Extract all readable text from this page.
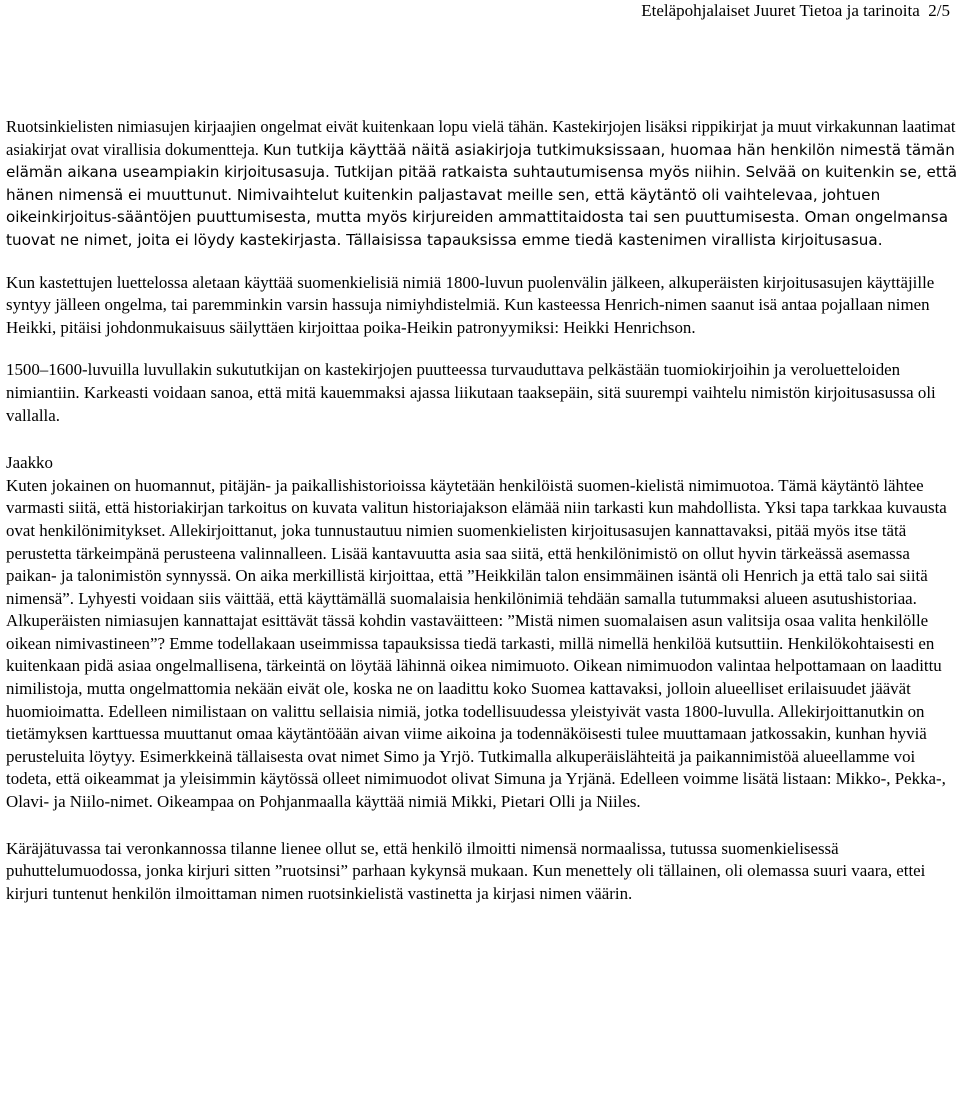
Eteläpohjalaiset Juuret Tietoa ja tarinoita 2/5

Ruotsinkielisten nimiasujen kirjaajien ongelmat eivät kuitenkaan lopu vielä tähän. Kastekirjojen lisäksi rippikirjat ja muut virkakunnan laatimat asiakirjat ovat virallisia dokumentteja. Kun tutkija käyttää näitä asiakirjoja tutkimuksissaan, huomaa hän henkilön nimestä tämän elämän aikana useampiakin kirjoitusasuja. Tutkijan pitää ratkaista suhtautumisensa myös niihin. Selvää on kuitenkin se, että hänen nimensä ei muuttunut. Nimivaihtelut kuitenkin paljastavat meille sen, että käytäntö oli vaihtelevaa, johtuen oikeinkirjoitus-sääntöjen puuttumisesta, mutta myös kirjureiden ammattitaidosta tai sen puuttumisesta. Oman ongelmansa tuovat ne nimet, joita ei löydy kastekirjasta. Tällaisissa tapauksissa emme tiedä kastenimen virallista kirjoitusasua.

Kun kastettujen luettelossa aletaan käyttää suomenkielisiä nimiä 1800-luvun puolenvälin jälkeen, alkuperäisten kirjoitusasujen käyttäjille syntyy jälleen ongelma, tai paremminkin varsin hassuja nimiyhdistelmiä. Kun kasteessa Henrich-nimen saanut isä antaa pojallaan nimen Heikki, pitäisi johdonmukaisuus säilyttäen kirjoittaa poika-Heikin patronyymiksi: Heikki Henrichson.

1500–1600-luvuilla luvullakin sukututkijan on kastekirjojen puutteessa turvauduttava pelkästään tuomiokirjoihin ja veroluetteloiden nimiantiin. Karkeasti voidaan sanoa, että mitä kauemmaksi ajassa liikutaan taaksepäin, sitä suurempi vaihtelu nimistön kirjoitusasussa oli vallalla.

Jaakko
Kuten jokainen on huomannut, pitäjän- ja paikallishistorioissa käytetään henkilöistä suomen-kielistä nimimuotoa. Tämä käytäntö lähtee varmasti siitä, että historiakirjan tarkoitus on kuvata valitun historiajakson elämää niin tarkasti kun mahdollista. Yksi tapa tarkkaa kuvausta ovat henkilönimitykset. Allekirjoittanut, joka tunnustautuu nimien suomenkielisten kirjoitusasujen kannattavaksi, pitää myös itse tätä perustetta tärkeimpänä perusteena valinnalleen. Lisää kantavuutta asia saa siitä, että henkilönimistö on ollut hyvin tärkeässä asemassa paikan- ja talonimistön synnyssä. On aika merkillistä kirjoittaa, että ”Heikkilän talon ensimmäinen isäntä oli Henrich ja että talo sai siitä nimensä”. Lyhyesti voidaan siis väittää, että käyttämällä suomalaisia henkilönimiä tehdään samalla tutummaksi alueen asutushistoriaa. Alkuperäisten nimiasujen kannattajat esittävät tässä kohdin vastaväitteen: ”Mistä nimen suomalaisen asun valitsija osaa valita henkilölle oikean nimivastineen”? Emme todellakaan useimmissa tapauksissa tiedä tarkasti, millä nimellä henkilöä kutsuttiin. Henkilökohtaisesti en kuitenkaan pidä asiaa ongelmallisena, tärkeintä on löytää lähinnä oikea nimimuoto. Oikean nimimuodon valintaa helpottamaan on laadittu nimilistoja, mutta ongelmattomia nekään eivät ole, koska ne on laadittu koko Suomea kattavaksi, jolloin alueelliset erilaisuudet jäävät huomioimatta. Edelleen nimilistaan on valittu sellaisia nimiä, jotka todellisuudessa yleistyivät vasta 1800-luvulla. Allekirjoittanutkin on tietämyksen karttuessa muuttanut omaa käytäntöään aivan viime aikoina ja todennäköisesti tulee muuttamaan jatkossakin, kunhan hyviä perusteluita löytyy. Esimerkkeinä tällaisesta ovat nimet Simo ja Yrjö. Tutkimalla alkuperäislähteitä ja paikannimistöä alueellamme voi todeta, että oikeammat ja yleisimmin käytössä olleet nimimuodot olivat Simuna ja Yrjänä. Edelleen voimme lisätä listaan: Mikko-, Pekka-, Olavi- ja Niilo-nimet. Oikeampaa on Pohjanmaalla käyttää nimiä Mikki, Pietari Olli ja Niiles.

Käräjätuvassa tai veronkannossa tilanne lienee ollut se, että henkilö ilmoitti nimensä normaalissa, tutussa suomenkielisessä puhuttelumuodossa, jonka kirjuri sitten ”ruotsinsi” parhaan kykynsä mukaan. Kun menettely oli tällainen, oli olemassa suuri vaara, ettei kirjuri tuntenut henkilön ilmoittaman nimen ruotsinkielistä vastinetta ja kirjasi nimen väärin.
